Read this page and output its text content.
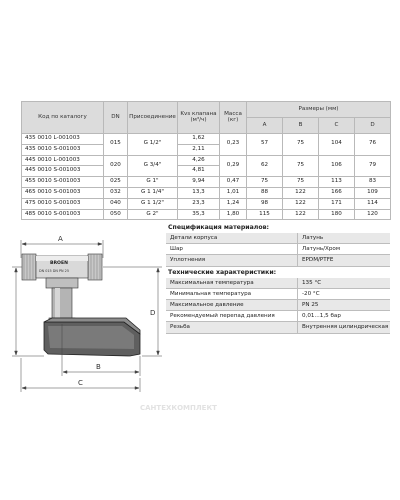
Код по каталогу	DN	Присоединение	Kvs клапана (м³/ч)	Масса (кг)	Размеры (мм)			
					A	B	C	D
435 0010 L-001003	015	G 1/2"	1,62	0,23	57	75	104	76
435 0010 S-001003			2,11					
445 0010 L-001003	020	G 3/4"	4,26	0,29	62	75	106	79
445 0010 S-001003			4,81					
455 0010 S-001003	025	G 1"	9,94	0,47	75	75	113	83
465 0010 S-001003	032	G 1 1/4"	13,3	1,01	88	122	166	109
475 0010 S-001003	040	G 1 1/2"	23,3	1,24	98	122	171	114
485 0010 S-001003	050	G 2"	35,3	1,80	115	122	180	120
A
BROEN
DN 015 DN PN 25
D
B
C
САНТЕХКОМПЛЕКТ
Спецификация материалов:
Детали корпуса	Латунь
Шар	Латунь/Хром
Уплотнения	EPDM/PTFE
Технические характеристики:
Максимальная температура	135 °C
Минимальная температура	-20 °C
Максимальное давление	PN 25
Рекомендуемый перепад давления	0,01...1,5 бар
Резьба	Внутренняя цилиндрическая
